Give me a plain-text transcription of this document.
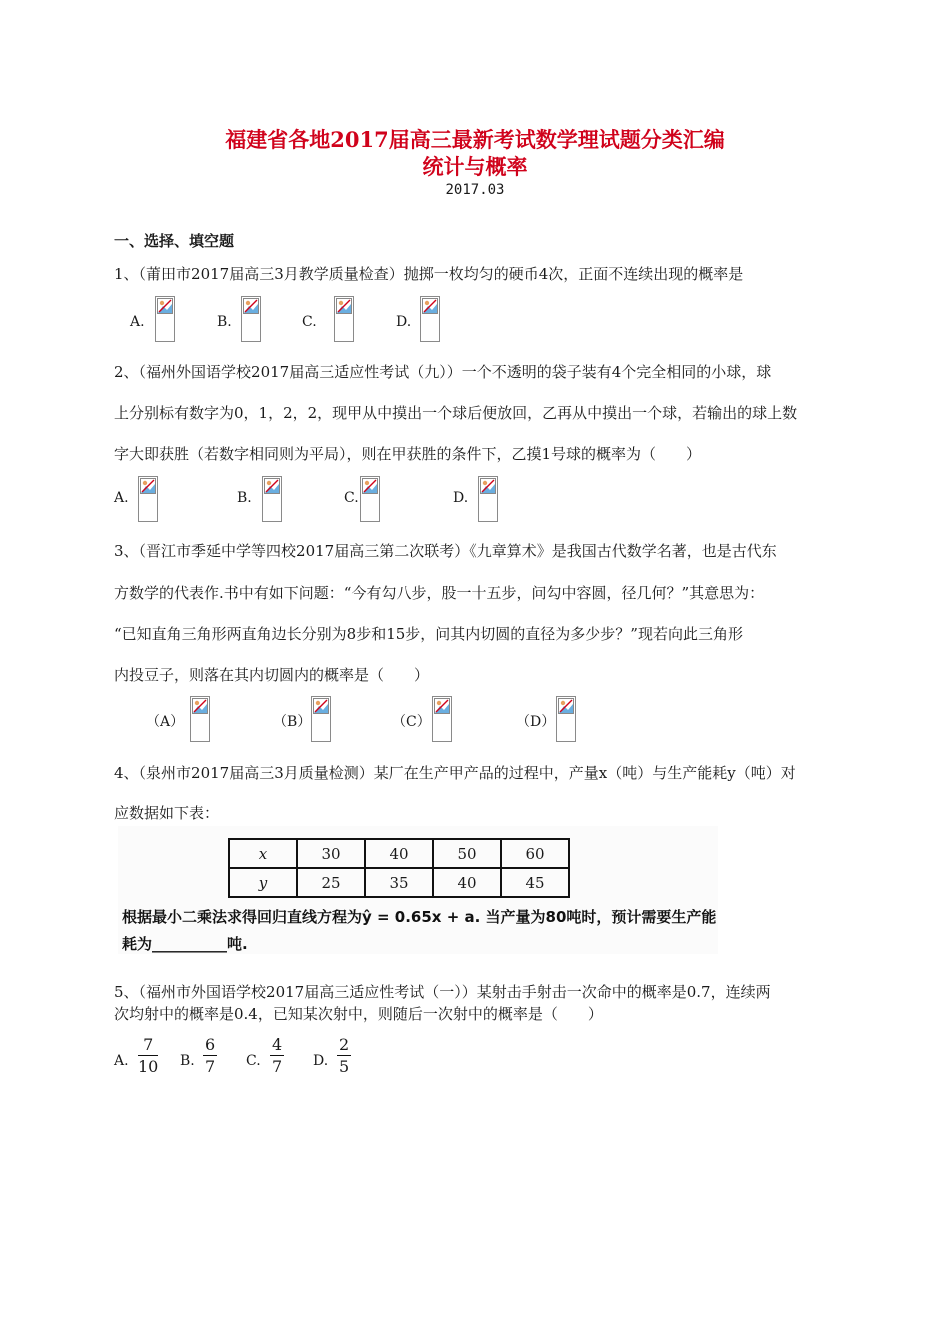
福建省各地2017届高三最新考试数学理试题分类汇编
统计与概率
2017.03
一、选择、填空题
1、（莆田市2017届高三3月教学质量检查）抛掷一枚均匀的硬币4次，正面不连续出现的概率是
A.	B.	C.	D.
2、（福州外国语学校2017届高三适应性考试（九））一个不透明的袋子装有4个完全相同的小球，球
上分别标有数字为0，1，2，2，现甲从中摸出一个球后便放回，乙再从中摸出一个球，若输出的球上数
字大即获胜（若数字相同则为平局），则在甲获胜的条件下，乙摸1号球的概率为（　　）
A.	B.	C.	D.
3、（晋江市季延中学等四校2017届高三第二次联考）《九章算术》是我国古代数学名著，也是古代东
方数学的代表作.书中有如下问题：“今有勾八步，股一十五步，问勾中容圆，径几何？”其意思为：
“已知直角三角形两直角边长分别为8步和15步，问其内切圆的直径为多少步？”现若向此三角形
内投豆子，则落在其内切圆内的概率是（　　）
（A）	（B）	（C）	（D）
4、（泉州市2017届高三3月质量检测）某厂在生产甲产品的过程中，产量x（吨）与生产能耗y（吨）对
应数据如下表：
x	30	40	50	60
y	25	35	40	45
根据最小二乘法求得回归直线方程为ŷ = 0.65x + a. 当产量为80吨时，预计需要生产能
耗为__________吨.
5、（福州市外国语学校2017届高三适应性考试（一））某射击手射击一次命中的概率是0.7，连续两
次均射中的概率是0.4，已知某次射中，则随后一次射中的概率是（　　）
A. $\frac{7}{10} B$. $\frac{6}{7} C$. $\frac{4}{7} D$. $\frac{2}{5}$
